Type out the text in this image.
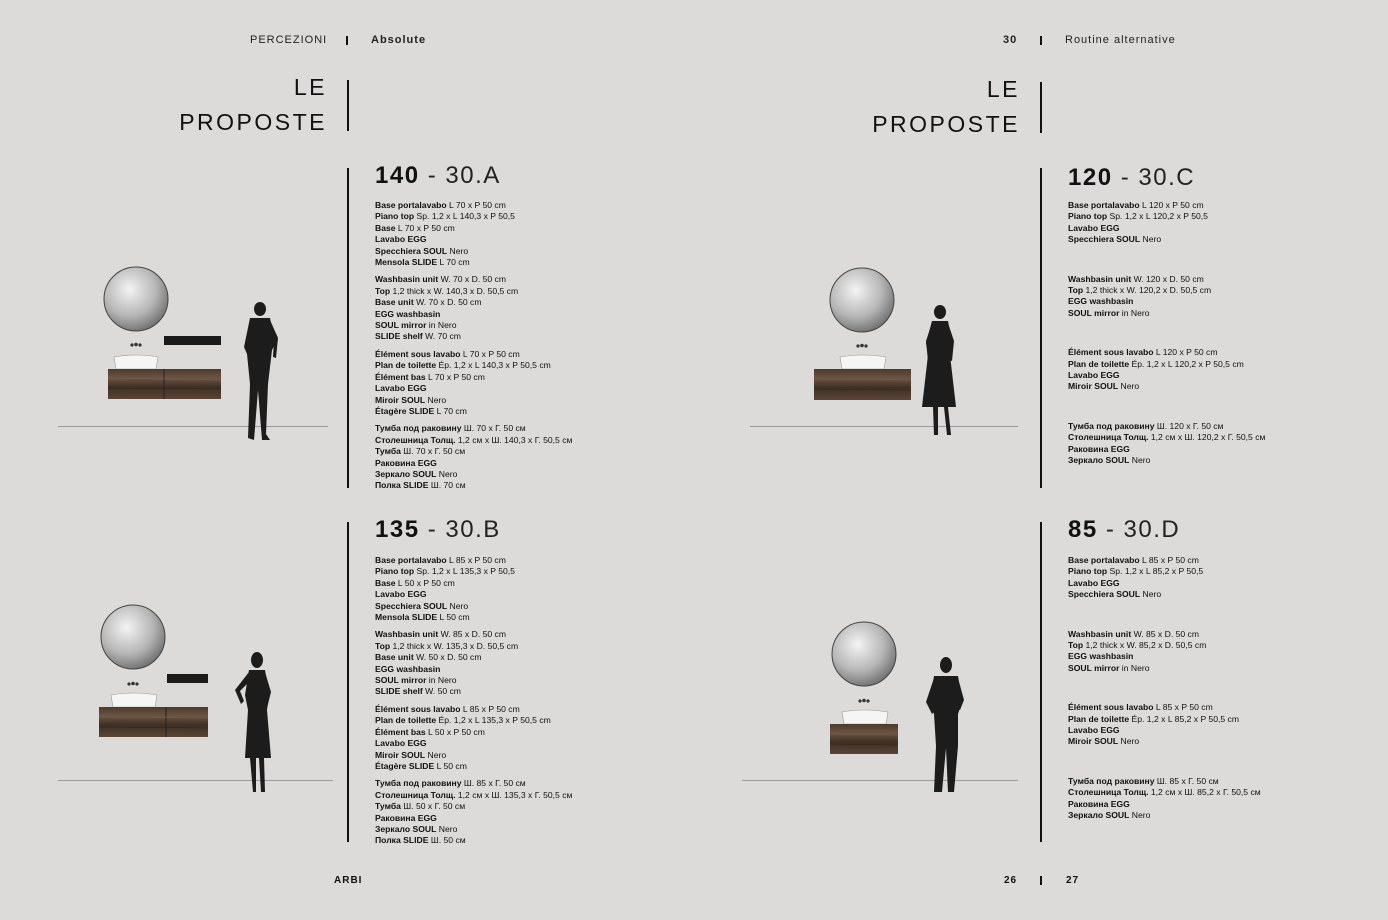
PERCEZIONI	Absolute	30	Routine alternative
LE
PROPOSTE
LE
PROPOSTE
140 - 30.A
Base portalavabo L 70 x P 50 cm
Piano top Sp. 1,2 x L 140,3 x P 50,5
Base L 70 x P 50 cm
Lavabo EGG
Specchiera SOUL Nero
Mensola SLIDE L 70 cm
Washbasin unit W. 70 x D. 50 cm
Top 1,2 thick x W. 140,3 x D. 50,5 cm
Base unit W. 70 x D. 50 cm
EGG washbasin
SOUL mirror in Nero
SLIDE shelf W. 70 cm
Élément sous lavabo L 70 x P 50 cm
Plan de toilette Ép. 1,2 x L 140,3 x P 50,5 cm
Élément bas L 70 x P 50 cm
Lavabo EGG
Miroir SOUL Nero
Étagère SLIDE L 70 cm
Тумба под раковину Ш. 70 x Г. 50 см
Столешница Толщ. 1,2 см x Ш. 140,3 x Г. 50,5 см
Тумба Ш. 70 x Г. 50 см
Раковина EGG
Зеркало SOUL Nero
Полка SLIDE Ш. 70 см
135 - 30.B
Base portalavabo L 85 x P 50 cm
Piano top Sp. 1,2 x L 135,3 x P 50,5
Base L 50 x P 50 cm
Lavabo EGG
Specchiera SOUL Nero
Mensola SLIDE L 50 cm
Washbasin unit W. 85 x D. 50 cm
Top 1,2 thick x W. 135,3 x D. 50,5 cm
Base unit W. 50 x D. 50 cm
EGG washbasin
SOUL mirror in Nero
SLIDE shelf W. 50 cm
Élément sous lavabo L 85 x P 50 cm
Plan de toilette Ép. 1,2 x L 135,3 x P 50,5 cm
Élément bas L 50 x P 50 cm
Lavabo EGG
Miroir SOUL Nero
Étagère SLIDE L 50 cm
Тумба под раковину Ш. 85 x Г. 50 см
Столешница Толщ. 1,2 см x Ш. 135,3 x Г. 50,5 см
Тумба Ш. 50 x Г. 50 см
Раковина EGG
Зеркало SOUL Nero
Полка SLIDE Ш. 50 см
120 - 30.C
Base portalavabo L 120 x P 50 cm
Piano top Sp. 1,2 x L 120,2 x P 50,5
Lavabo EGG
Specchiera SOUL Nero
Washbasin unit W. 120 x D. 50 cm
Top 1,2 thick x W. 120,2 x D. 50,5 cm
EGG washbasin
SOUL mirror in Nero
Élément sous lavabo L 120 x P 50 cm
Plan de toilette Ép. 1,2 x L 120,2 x P 50,5 cm
Lavabo EGG
Miroir SOUL Nero
Тумба под раковину Ш. 120 x Г. 50 см
Столешница Толщ. 1,2 см x Ш. 120,2 x Г. 50,5 см
Раковина EGG
Зеркало SOUL Nero
85 - 30.D
Base portalavabo L 85 x P 50 cm
Piano top Sp. 1,2 x L 85,2 x P 50,5
Lavabo EGG
Specchiera SOUL Nero
Washbasin unit W. 85 x D. 50 cm
Top 1,2 thick x W. 85,2 x D. 50,5 cm
EGG washbasin
SOUL mirror in Nero
Élément sous lavabo L 85 x P 50 cm
Plan de toilette Ép. 1,2 x L 85,2 x P 50,5 cm
Lavabo EGG
Miroir SOUL Nero
Тумба под раковину Ш. 85 x Г. 50 см
Столешница Толщ. 1,2 см x Ш. 85,2 x Г. 50,5 см
Раковина EGG
Зеркало SOUL Nero
ARBI	26	27
